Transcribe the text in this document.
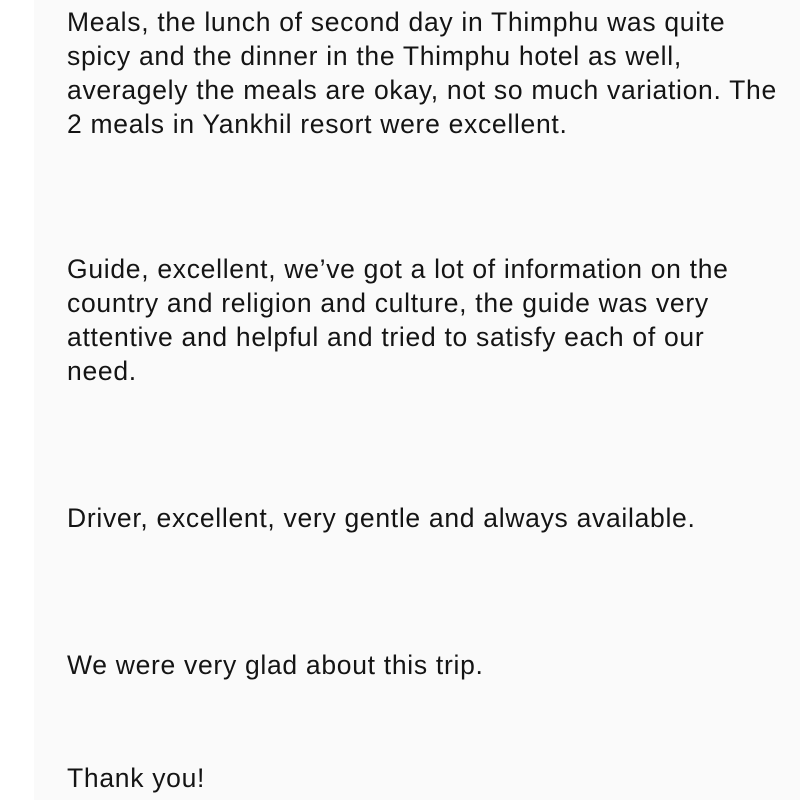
Meals, the lunch of second day in Thimphu was quite spicy and the dinner in the Thimphu hotel as well, averagely the meals are okay, not so much variation. The 2 meals in Yankhil resort were excellent.

Guide, excellent, we’ve got a lot of information on the country and religion and culture, the guide was very attentive and helpful and tried to satisfy each of our need.

Driver, excellent, very gentle and always available.

We were very glad about this trip.

Thank you!
